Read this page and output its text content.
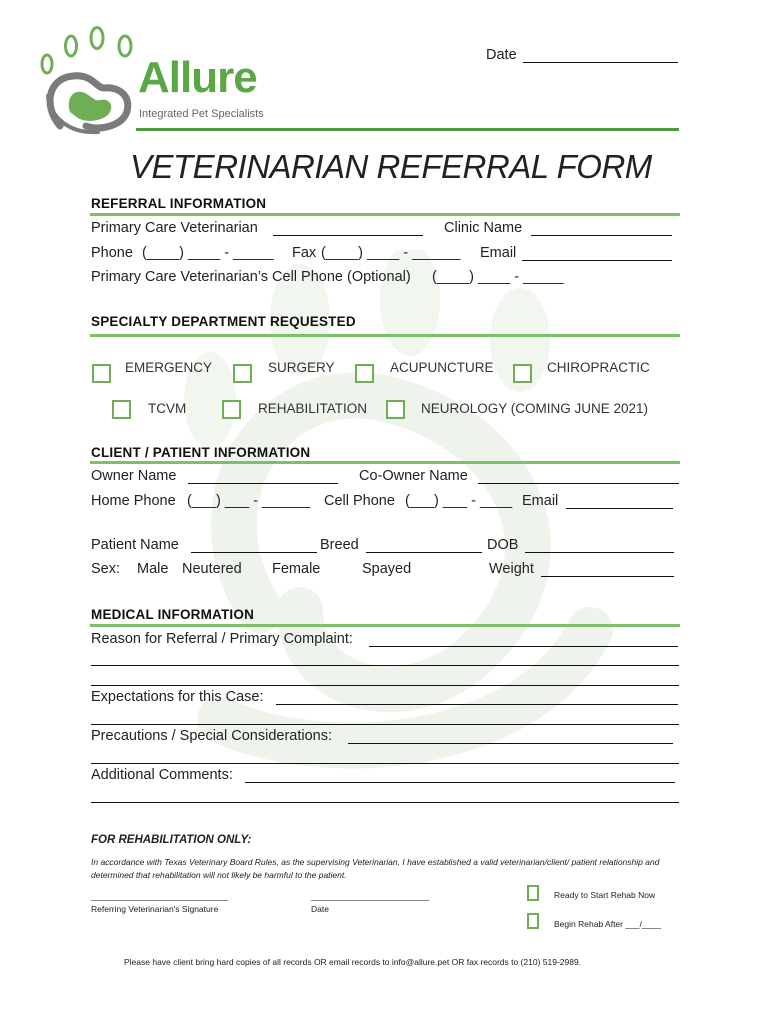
Allure
Integrated Pet Specialists
Date
VETERINARIAN REFERRAL FORM
REFERRAL INFORMATION
Primary Care Veterinarian	Clinic Name
Phone (____) ____ - _____ Fax (____) ____ - ______ Email
Primary Care Veterinarian’s Cell Phone (Optional) (____) ____ - _____
SPECIALTY DEPARTMENT REQUESTED
EMERGENCY	SURGERY	ACUPUNCTURE	CHIROPRACTIC
TCVM	REHABILITATION	NEUROLOGY (COMING JUNE 2021)
CLIENT / PATIENT INFORMATION
Owner Name	Co-Owner Name
Home Phone (___) ___ - ______ Cell Phone (___) ___ - ____ Email
Patient Name	Breed	DOB
Sex: Male Neutered Female	Spayed	Weight
MEDICAL INFORMATION
Reason for Referral / Primary Complaint:
Expectations for this Case:
Precautions / Special Considerations:
Additional Comments:
FOR REHABILITATION ONLY:
In accordance with Texas Veterinary Board Rules, as the supervising Veterinarian, I have established a valid veterinarian/client/ patient relationship and determined that rehabilitation will not likely be harmful to the patient.
_____________________________
Referring Veterinarian's Signature
_________________________
Date
Ready to Start Rehab Now
Begin Rehab After ___/____
Please have client bring hard copies of all records OR email records to info@allure.pet OR fax records to (210) 519-2989.
